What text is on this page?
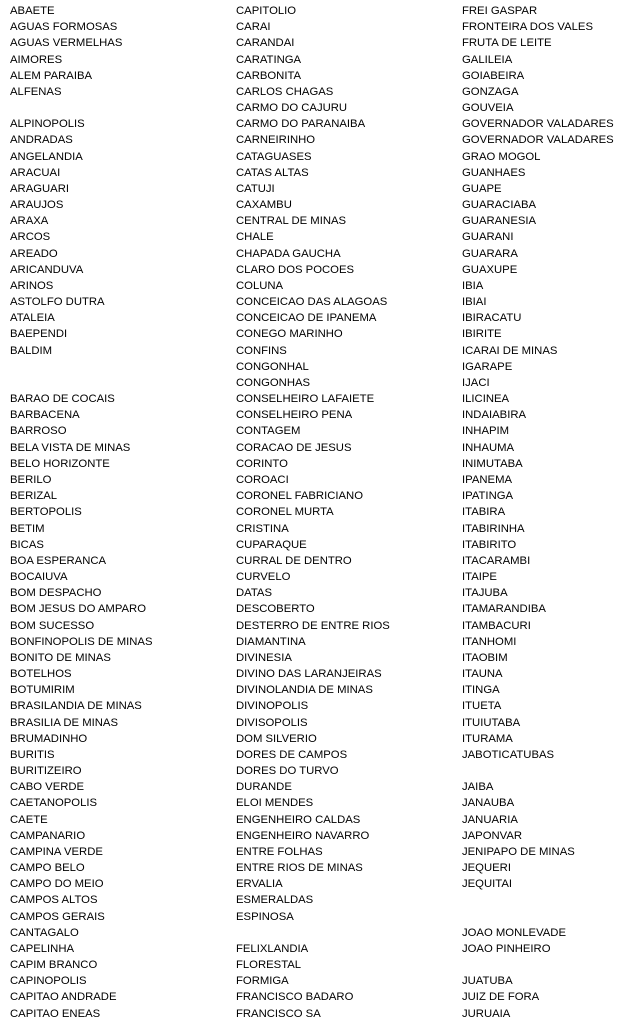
ABAETE
AGUAS FORMOSAS
AGUAS VERMELHAS
AIMORES
ALEM PARAIBA
ALFENAS
ALPINOPOLIS
ANDRADAS
ANGELANDIA
ARACUAI
ARAGUARI
ARAUJOS
ARAXA
ARCOS
AREADO
ARICANDUVA
ARINOS
ASTOLFO DUTRA
ATALEIA
BAEPENDI
BALDIM
BARAO DE COCAIS
BARBACENA
BARROSO
BELA VISTA DE MINAS
BELO HORIZONTE
BERILO
BERIZAL
BERTOPOLIS
BETIM
BICAS
BOA ESPERANCA
BOCAIUVA
BOM DESPACHO
BOM JESUS DO AMPARO
BOM SUCESSO
BONFINOPOLIS DE MINAS
BONITO DE MINAS
BOTELHOS
BOTUMIRIM
BRASILANDIA DE MINAS
BRASILIA DE MINAS
BRUMADINHO
BURITIS
BURITIZEIRO
CABO VERDE
CAETANOPOLIS
CAETE
CAMPANARIO
CAMPINA VERDE
CAMPO BELO
CAMPO DO MEIO
CAMPOS ALTOS
CAMPOS GERAIS
CANTAGALO
CAPELINHA
CAPIM BRANCO
CAPINOPOLIS
CAPITAO ANDRADE
CAPITAO ENEAS
CAPITOLIO
CARAI
CARANDAI
CARATINGA
CARBONITA
CARLOS CHAGAS
CARMO DO CAJURU
CARMO DO PARANAIBA
CARNEIRINHO
CATAGUASES
CATAS ALTAS
CATUJI
CAXAMBU
CENTRAL DE MINAS
CHALE
CHAPADA GAUCHA
CLARO DOS POCOES
COLUNA
CONCEICAO DAS ALAGOAS
CONCEICAO DE IPANEMA
CONEGO MARINHO
CONFINS
CONGONHAL
CONGONHAS
CONSELHEIRO LAFAIETE
CONSELHEIRO PENA
CONTAGEM
CORACAO DE JESUS
CORINTO
COROACI
CORONEL FABRICIANO
CORONEL MURTA
CRISTINA
CUPARAQUE
CURRAL DE DENTRO
CURVELO
DATAS
DESCOBERTO
DESTERRO DE ENTRE RIOS
DIAMANTINA
DIVINESIA
DIVINO DAS LARANJEIRAS
DIVINOLANDIA DE MINAS
DIVINOPOLIS
DIVISOPOLIS
DOM SILVERIO
DORES DE CAMPOS
DORES DO TURVO
DURANDE
ELOI MENDES
ENGENHEIRO CALDAS
ENGENHEIRO NAVARRO
ENTRE FOLHAS
ENTRE RIOS DE MINAS
ERVALIA
ESMERALDAS
ESPINOSA
FELIXLANDIA
FLORESTAL
FORMIGA
FRANCISCO BADARO
FRANCISCO SA
FREI GASPAR
FRONTEIRA DOS VALES
FRUTA DE LEITE
GALILEIA
GOIABEIRA
GONZAGA
GOUVEIA
GOVERNADOR VALADARES
GOVERNADOR VALADARES
GRAO MOGOL
GUANHAES
GUAPE
GUARACIABA
GUARANESIA
GUARANI
GUARARA
GUAXUPE
IBIA
IBIAI
IBIRACATU
IBIRITE
ICARAI DE MINAS
IGARAPE
IJACI
ILICINEA
INDAIABIRA
INHAPIM
INHAUMA
INIMUTABA
IPANEMA
IPATINGA
ITABIRA
ITABIRINHA
ITABIRITO
ITACARAMBI
ITAIPE
ITAJUBA
ITAMARANDIBA
ITAMBACURI
ITANHOMI
ITAOBIM
ITAUNA
ITINGA
ITUETA
ITUIUTABA
ITURAMA
JABOTICATUBAS
JAIBA
JANAUBA
JANUARIA
JAPONVAR
JENIPAPO DE MINAS
JEQUERI
JEQUITAI
JOAO MONLEVADE
JOAO PINHEIRO
JUATUBA
JUIZ DE FORA
JURUAIA
